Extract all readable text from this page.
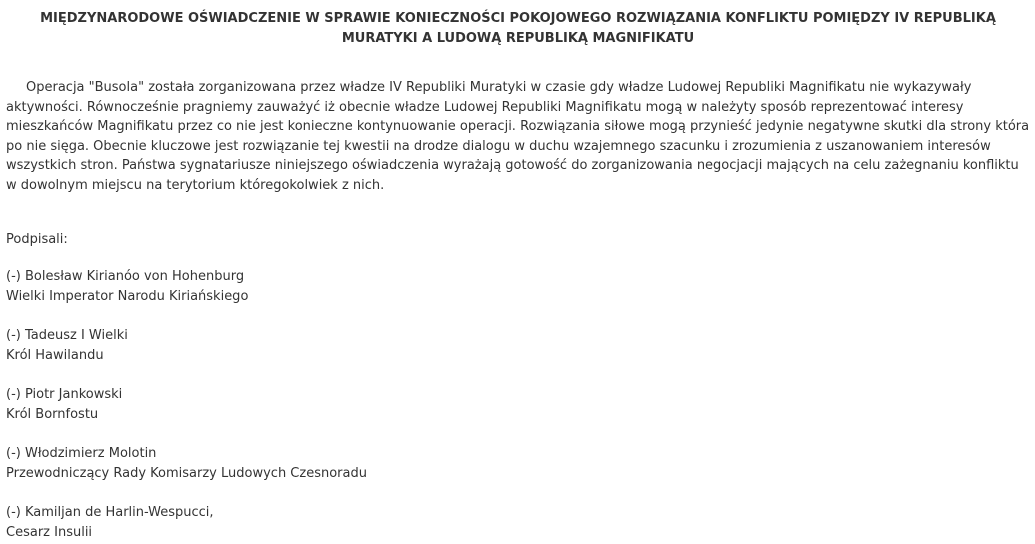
MIĘDZYNARODOWE OŚWIADCZENIE W SPRAWIE KONIECZNOŚCI POKOJOWEGO ROZWIĄZANIA KONFLIKTU POMIĘDZY IV REPUBLIKĄ MURATYKI A LUDOWĄ REPUBLIKĄ MAGNIFIKATU

Operacja "Busola" została zorganizowana przez władze IV Republiki Muratyki w czasie gdy władze Ludowej Republiki Magnifikatu nie wykazywały aktywności. Równocześnie pragniemy zauważyć iż obecnie władze Ludowej Republiki Magnifikatu mogą w należyty sposób reprezentować interesy mieszkańców Magnifikatu przez co nie jest konieczne kontynuowanie operacji. Rozwiązania siłowe mogą przynieść jedynie negatywne skutki dla strony która po nie sięga. Obecnie kluczowe jest rozwiązanie tej kwestii na drodze dialogu w duchu wzajemnego szacunku i zrozumienia z uszanowaniem interesów wszystkich stron. Państwa sygnatariusze niniejszego oświadczenia wyrażają gotowość do zorganizowania negocjacji mających na celu zażegnaniu konfliktu w dowolnym miejscu na terytorium któregokolwiek z nich.

Podpisali:

(-) Bolesław Kirianóo von Hohenburg
Wielki Imperator Narodu Kiriańskiego
(-) Tadeusz I Wielki
Król Hawilandu
(-) Piotr Jankowski
Król Bornfostu
(-) Włodzimierz Molotin
Przewodniczący Rady Komisarzy Ludowych Czesnoradu
(-) Kamiljan de Harlin-Wespucci,
Cesarz Insulii
